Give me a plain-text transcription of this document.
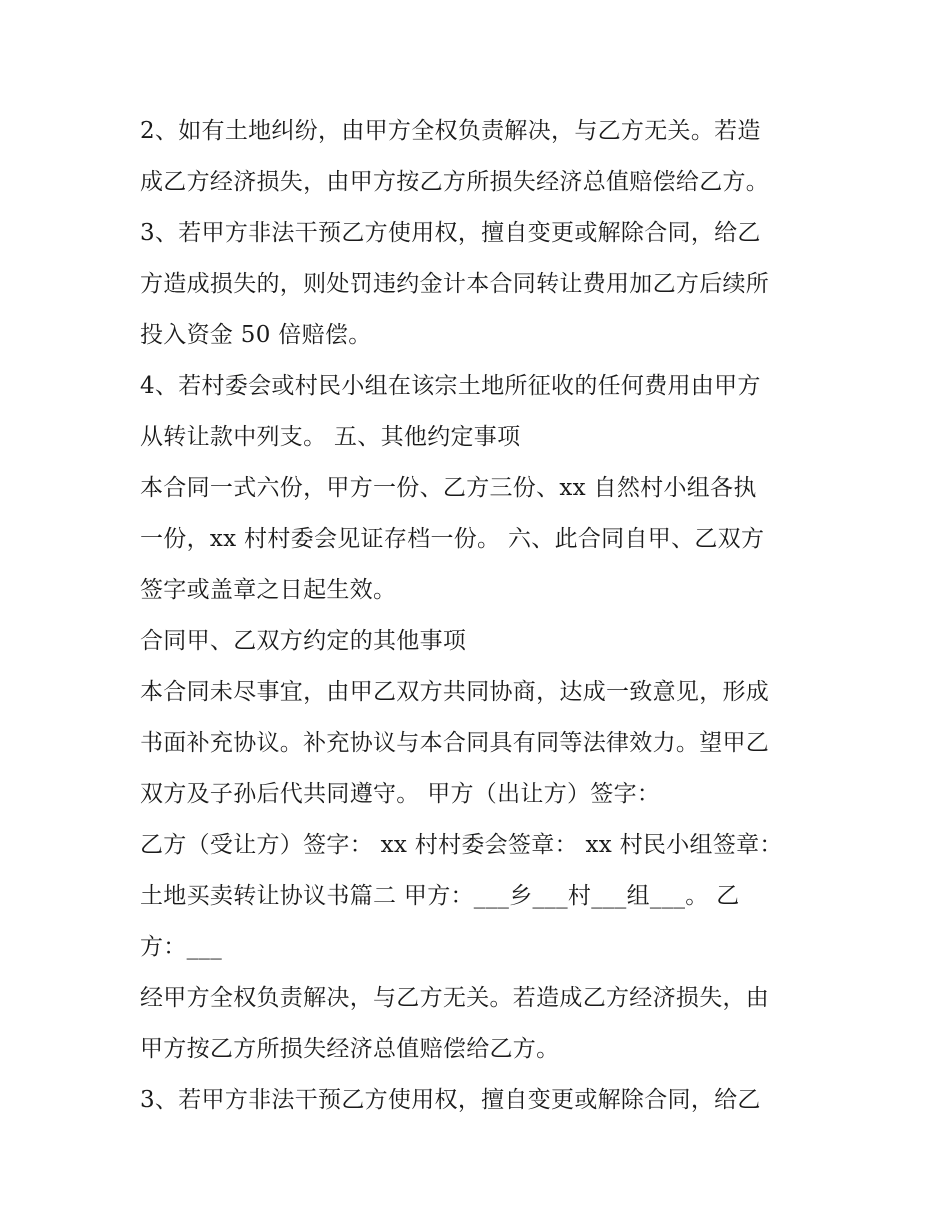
2、如有土地纠纷，由甲方全权负责解决，与乙方无关。若造
成乙方经济损失，由甲方按乙方所损失经济总值赔偿给乙方。
3、若甲方非法干预乙方使用权，擅自变更或解除合同，给乙
方造成损失的，则处罚违约金计本合同转让费用加乙方后续所
投入资金 50 倍赔偿。
4、若村委会或村民小组在该宗土地所征收的任何费用由甲方
从转让款中列支。 五、其他约定事项
本合同一式六份，甲方一份、乙方三份、xx 自然村小组各执
一份，xx 村村委会见证存档一份。 六、此合同自甲、乙双方
签字或盖章之日起生效。
合同甲、乙双方约定的其他事项
本合同未尽事宜，由甲乙双方共同协商，达成一致意见，形成
书面补充协议。补充协议与本合同具有同等法律效力。望甲乙
双方及子孙后代共同遵守。 甲方（出让方）签字：
乙方（受让方）签字： xx 村村委会签章： xx 村民小组签章：
土地买卖转让协议书篇二 甲方：___乡___村___组___。 乙
方：___
经甲方全权负责解决，与乙方无关。若造成乙方经济损失，由
甲方按乙方所损失经济总值赔偿给乙方。
3、若甲方非法干预乙方使用权，擅自变更或解除合同，给乙
